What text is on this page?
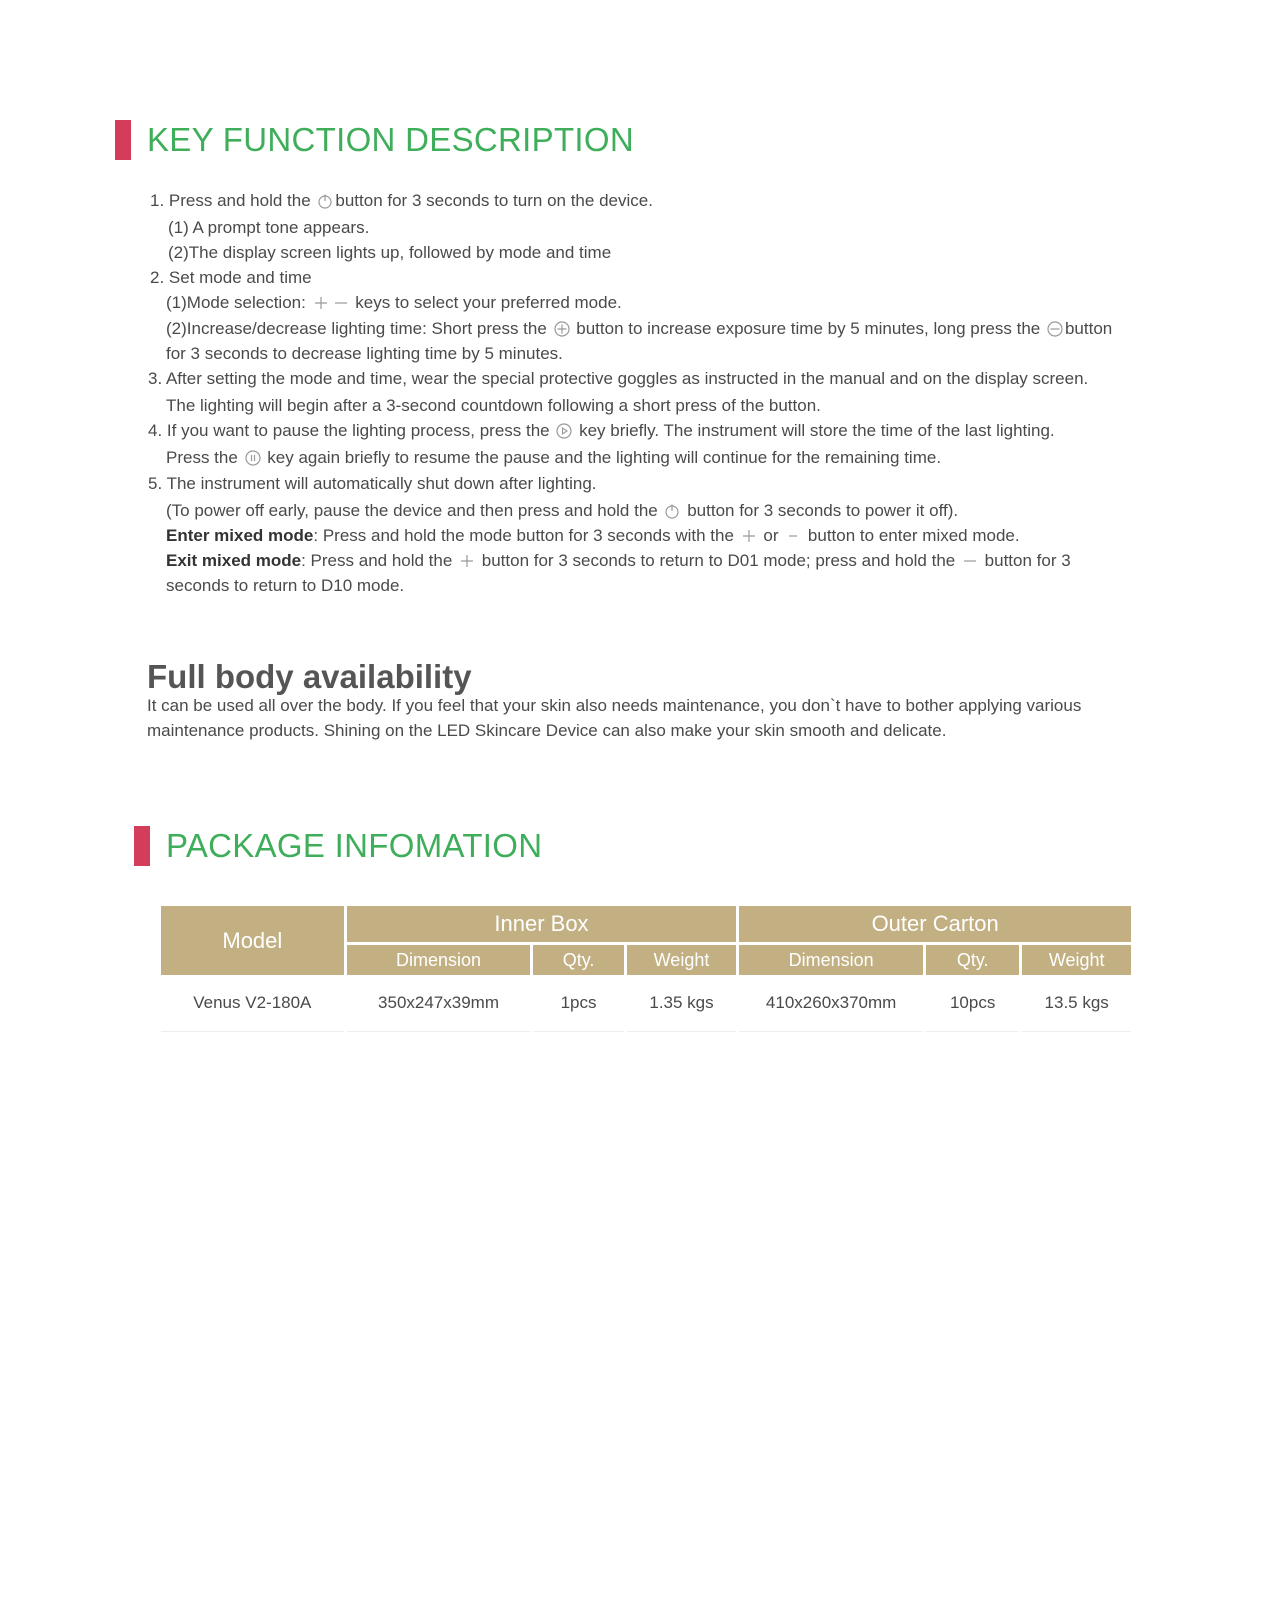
KEY FUNCTION DESCRIPTION
1. Press and hold the
button for 3 seconds to turn on the device.
(1) A prompt tone appears.
(2)The display screen lights up, followed by mode and time
2. Set mode and time
(1)Mode selection:
keys to select your preferred mode.
(2)Increase/decrease lighting time: Short press the
button to increase exposure time by 5 minutes, long press the
button
for 3 seconds to decrease lighting time by 5 minutes.
3. After setting the mode and time, wear the special protective goggles as instructed in the manual and on the display screen.
The lighting will begin after a 3-second countdown following a short press of the button.
4. If you want to pause the lighting process, press the
key briefly. The instrument will store the time of the last lighting.
Press the
key again briefly to resume the pause and the lighting will continue for the remaining time.
5. The instrument will automatically shut down after lighting.
(To power off early, pause the device and then press and hold the
button for 3 seconds to power it off).
Enter mixed mode: Press and hold the mode button for 3 seconds with the
or
button to enter mixed mode.
Exit mixed mode: Press and hold the
button for 3 seconds to return to D01 mode; press and hold the
button for 3
seconds to return to D10 mode.
Full body availability
It can be used all over the body. If you feel that your skin also needs maintenance, you don`t have to bother applying various
maintenance products. Shining on the LED Skincare Device can also make your skin smooth and delicate.
PACKAGE INFOMATION
Model	Inner Box			Outer Carton		
	Dimension	Qty.	Weight	Dimension	Qty.	Weight
Venus V2-180A	350x247x39mm	1pcs	1.35 kgs	410x260x370mm	10pcs	13.5 kgs
